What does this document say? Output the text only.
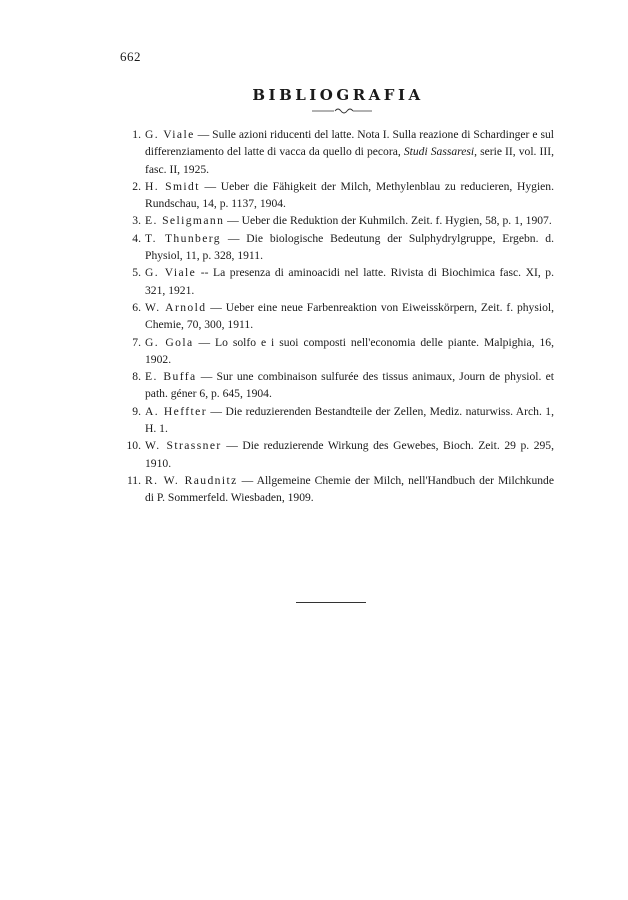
662
BIBLIOGRAFIA
1. G. Viale — Sulle azioni riducenti del latte. Nota I. Sulla reazione di Schardinger e sul differenziamento del latte di vacca da quello di pecora, Studi Sassaresi, serie II, vol. III, fasc. II, 1925.
2. H. Smidt — Ueber die Fähigkeit der Milch, Methylenblau zu reducieren, Hygien. Rundschau, 14, p. 1137, 1904.
3. E. Seligmann — Ueber die Reduktion der Kuhmilch. Zeit. f. Hygien, 58, p. 1, 1907.
4. T. Thunberg — Die biologische Bedeutung der Sulphydrylgruppe, Ergebn. d. Physiol, 11, p. 328, 1911.
5. G. Viale -- La presenza di aminoacidi nel latte. Rivista di Biochimica fasc. XI, p. 321, 1921.
6. W. Arnold — Ueber eine neue Farbenreaktion von Eiweisskörpern, Zeit. f. physiol, Chemie, 70, 300, 1911.
7. G. Gola — Lo solfo e i suoi composti nell'economia delle piante. Malpighia, 16, 1902.
8. E. Buffa — Sur une combinaison sulfurée des tissus animaux, Journ de physiol. et path. géner 6, p. 645, 1904.
9. A. Heffter — Die reduzierenden Bestandteile der Zellen, Mediz. naturwiss. Arch. 1, H. 1.
10. W. Strassner — Die reduzierende Wirkung des Gewebes, Bioch. Zeit. 29 p. 295, 1910.
11. R. W. Raudnitz — Allgemeine Chemie der Milch, nell'Handbuch der Milchkunde di P. Sommerfeld. Wiesbaden, 1909.
